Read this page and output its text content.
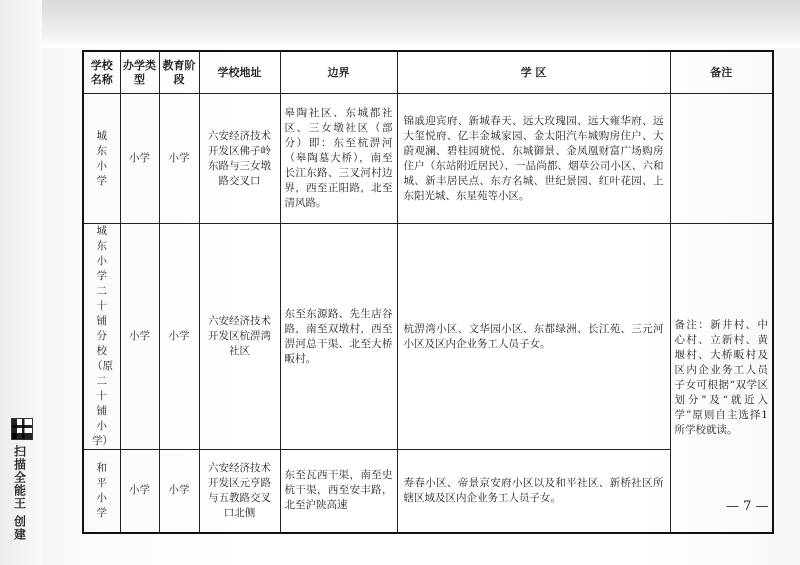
学校名称	办学类型	教育阶段	学校地址	边界	学 区	备注
城东小学	小学	小学	六安经济技术开发区佛子岭东路与三女墩路交叉口	皋陶社区、东城都社区、三女墩社区（部分）即：东至杭淠河（皋陶墓大桥），南至长江东路、三叉河村边界，西至正阳路，北至清风路。	锦戚迎宾府、新城春天、远大玫瑰园、远大雍华府、远大玺悦府、亿丰金城家园、金太阳汽车城购房住户、大蔚观澜、碧桂园琥悦、东城御景、金凤凰财富广场购房住户（东站附近居民）、一品尚都、烟草公司小区、六和城、新丰居民点、东方名城、世纪景园、红叶花园、上东阳光城、东星苑等小区。	
城东小学二十铺分校（原二十铺小学）	小学	小学	六安经济技术开发区杭淠湾社区	东至东源路、先生店谷路，南至双墩村，西至淠河总干渠、北至大桥畈村。	杭淠湾小区、文华园小区、东都绿洲、长江苑、三元河小区及区内企业务工人员子女。	备注：新井村、中心村、立新村、黄堰村、大桥畈村及区内企业务工人员子女可根据“双学区划分”及“就近入学”原则自主选择1所学校就读。
和平小学	小学	小学	六安经济技术开发区元亨路与五教路交叉口北侧	东至瓦西干渠，南至史杭干渠，西至安丰路，北至沪陕高速	寿春小区、帝景京安府小区以及和平社区、新桥社区所辖区域及区内企业务工人员子女。	
扫描全能王 创建	— 7 —
